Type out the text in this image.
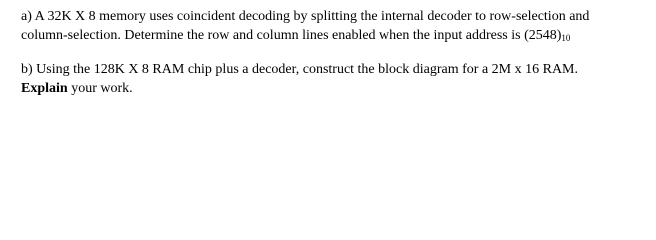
a) A 32K X 8 memory uses coincident decoding by splitting the internal decoder to row-selection and
column-selection. Determine the row and column lines enabled when the input address is $(2548)_{10}$

b) Using the 128K X 8 RAM chip plus a decoder, construct the block diagram for a 2M x 16 RAM.
Explain your work.
